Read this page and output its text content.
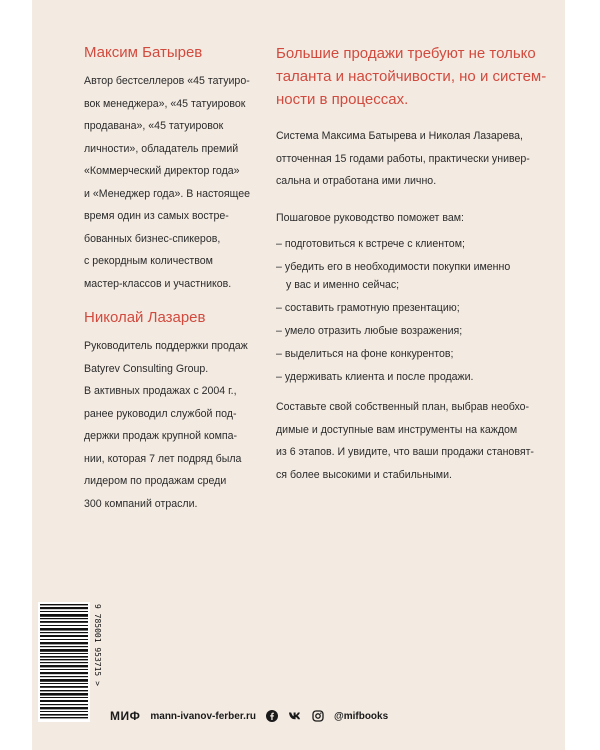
Максим Батырев
Автор бестселлеров «45 татуиро-
вок менеджера», «45 татуировок
продавана», «45 татуировок
личности», обладатель премий
«Коммерческий директор года»
и «Менеджер года». В настоящее
время один из самых востре-
бованных бизнес-спикеров,
с рекордным количеством
мастер-классов и участников.
Николай Лазарев
Руководитель поддержки продаж
Batyrev Consulting Group.
В активных продажах с 2004 г.,
ранее руководил службой под-
держки продаж крупной компа-
нии, которая 7 лет подряд была
лидером по продажам среди
300 компаний отрасли.
Большие продажи требуют не только
таланта и настойчивости, но и систем-
ности в процессах.
Система Максима Батырева и Николая Лазарева,
отточенная 15 годами работы, практически универ-
сальна и отработана ими лично.
Пошаговое руководство поможет вам:
– подготовиться к встрече с клиентом;
– убедить его в необходимости покупки именно
у вас и именно сейчас;
– составить грамотную презентацию;
– умело отразить любые возражения;
– выделиться на фоне конкурентов;
– удерживать клиента и после продажи.
Составьте свой собственный план, выбрав необхо-
димые и доступные вам инструменты на каждом
из 6 этапов. И увидите, что ваши продажи становят-
ся более высокими и стабильными.
9 785001 953715 >
МИФ mann-ivanov-ferber.ru	@mifbooks
